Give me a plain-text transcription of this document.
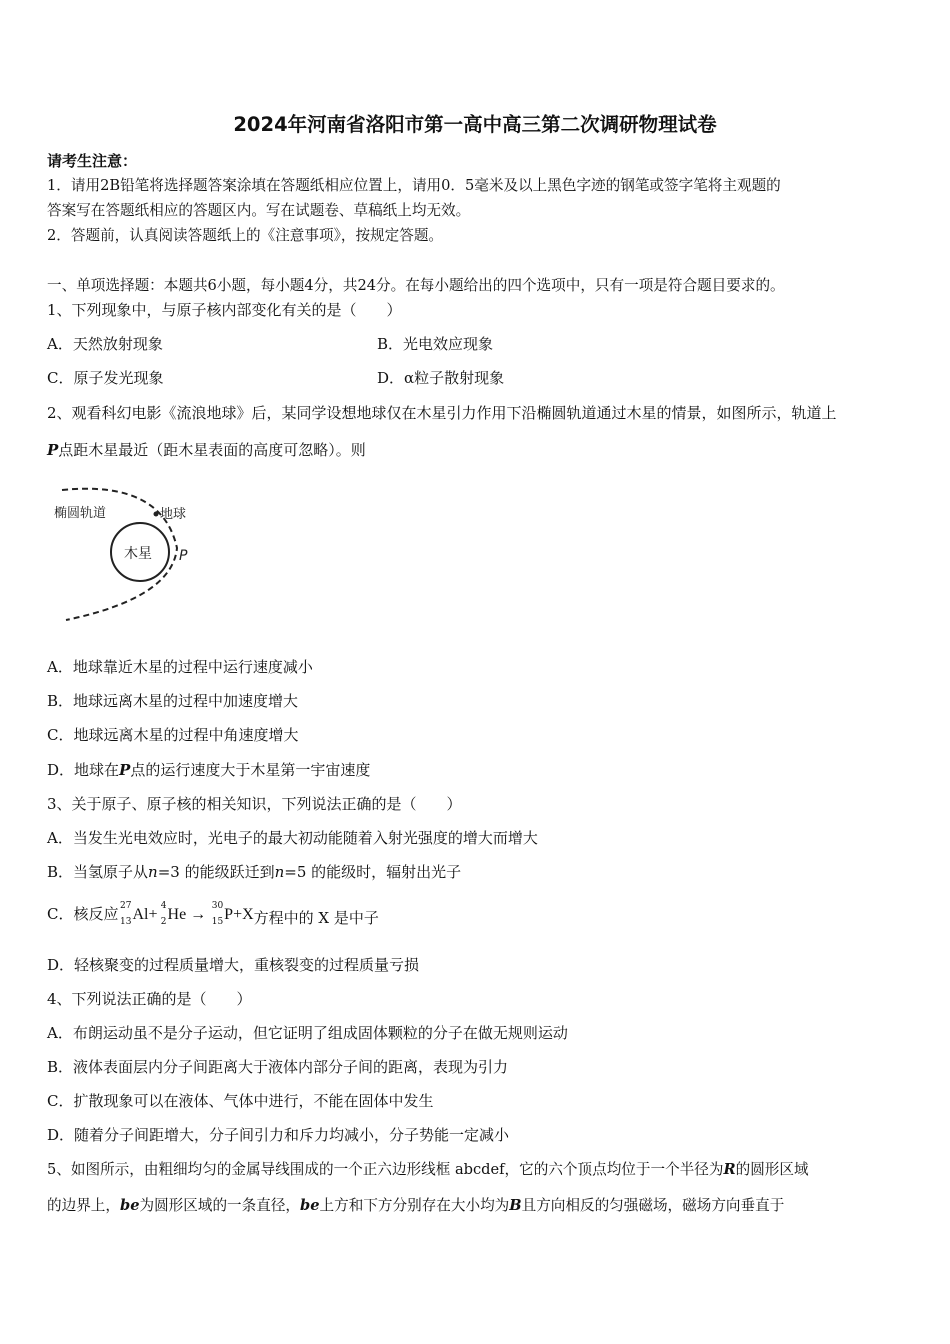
2024年河南省洛阳市第一高中高三第二次调研物理试卷
请考生注意：
1．请用2B铅笔将选择题答案涂填在答题纸相应位置上，请用0．5毫米及以上黑色字迹的钢笔或签字笔将主观题的
答案写在答题纸相应的答题区内。写在试题卷、草稿纸上均无效。
2．答题前，认真阅读答题纸上的《注意事项》，按规定答题。
一、单项选择题：本题共6小题，每小题4分，共24分。在每小题给出的四个选项中，只有一项是符合题目要求的。
1、下列现象中，与原子核内部变化有关的是（　　）
A．天然放射现象	B．光电效应现象
C．原子发光现象	D．α粒子散射现象
2、观看科幻电影《流浪地球》后，某同学设想地球仅在木星引力作用下沿椭圆轨道通过木星的情景，如图所示，轨道上
P点距木星最近（距木星表面的高度可忽略）。则
木星
椭圆轨道	地球
P
A．地球靠近木星的过程中运行速度减小
B．地球远离木星的过程中加速度增大
C．地球远离木星的过程中角速度增大
D．地球在P点的运行速度大于木星第一宇宙速度
3、关于原子、原子核的相关知识，下列说法正确的是（　　）
A．当发生光电效应时，光电子的最大初动能随着入射光强度的增大而增大
B．当氢原子从n=3 的能级跃迁到n=5 的能级时，辐射出光子
C．核反应 27
13 Al+ 4
2 He → 30
15 P+X方程中的 X 是中子
D．轻核聚变的过程质量增大，重核裂变的过程质量亏损
4、下列说法正确的是（　　）
A．布朗运动虽不是分子运动，但它证明了组成固体颗粒的分子在做无规则运动
B．液体表面层内分子间距离大于液体内部分子间的距离，表现为引力
C．扩散现象可以在液体、气体中进行，不能在固体中发生
D．随着分子间距增大，分子间引力和斥力均减小，分子势能一定减小
5、如图所示，由粗细均匀的金属导线围成的一个正六边形线框 abcdef，它的六个顶点均位于一个半径为R的圆形区域
的边界上，be为圆形区域的一条直径，be上方和下方分别存在大小均为B且方向相反的匀强磁场，磁场方向垂直于
